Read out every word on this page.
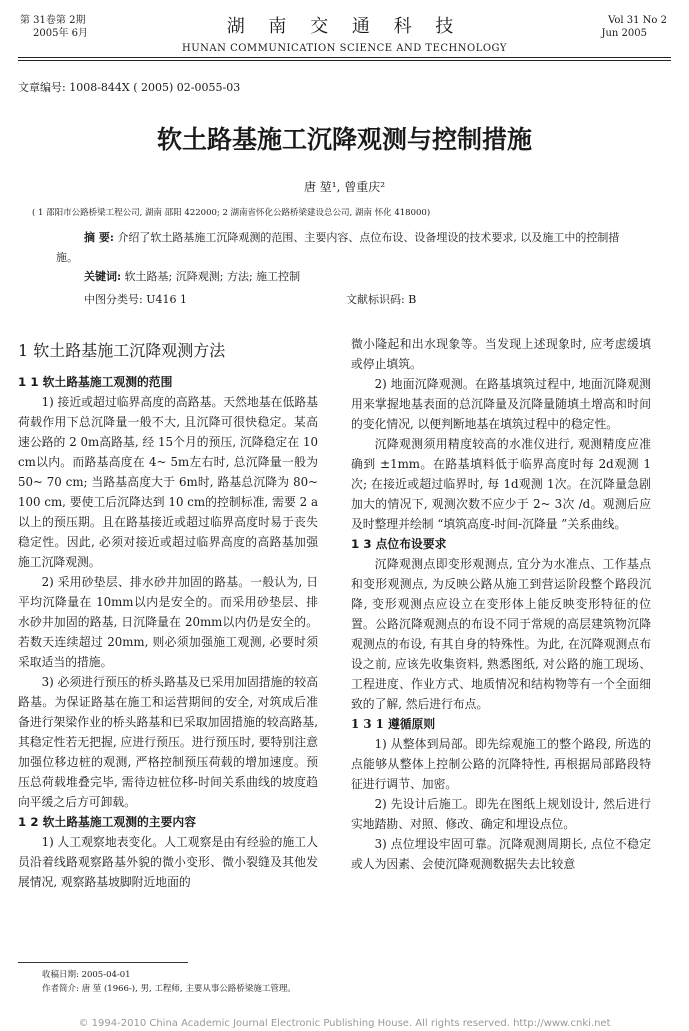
第 31卷第 2期
2005年 6月	湖 南 交 通 科 技
HUNAN COMMUNICATION SCIENCE AND TECHNOLOGY
Vol 31 No 2
Jun 2005
文章编号: 1008-844X ( 2005) 02-0055-03
软土路基施工沉降观测与控制措施
唐 堃¹, 曾重庆²
( 1 邵阳市公路桥梁工程公司, 湖南 邵阳 422000; 2 湖南省怀化公路桥梁建设总公司, 湖南 怀化 418000)
摘 要: 介绍了软土路基施工沉降观测的范围、主要内容、点位布设、设备埋设的技术要求, 以及施工中的控制措施。
关键词: 软土路基; 沉降观测; 方法; 施工控制
中图分类号: U416 1	文献标识码: B
1 软土路基施工沉降观测方法
1 1 软土路基施工观测的范围

1) 接近或超过临界高度的高路基。天然地基在低路基荷载作用下总沉降量一般不大, 且沉降可很快稳定。某高速公路的 2 0m高路基, 经 15个月的预压, 沉降稳定在 10 cm以内。而路基高度在 4~ 5m左右时, 总沉降量一般为 50~ 70 cm; 当路基高度大于 6m时, 路基总沉降为 80~ 100 cm, 要使工后沉降达到 10 cm的控制标准, 需要 2 a以上的预压期。且在路基接近或超过临界高度时易于丧失稳定性。因此, 必须对接近或超过临界高度的高路基加强施工沉降观测。

2) 采用砂垫层、排水砂井加固的路基。一般认为, 日平均沉降量在 10mm以内是安全的。而采用砂垫层、排水砂井加固的路基, 日沉降量在 20mm以内仍是安全的。若数天连续超过 20mm, 则必须加强施工观测, 必要时须采取适当的措施。

3) 必须进行预压的桥头路基及已采用加固措施的较高路基。为保证路基在施工和运营期间的安全, 对筑成后准备进行架梁作业的桥头路基和已采取加固措施的较高路基, 其稳定性若无把握, 应进行预压。进行预压时, 要特别注意加强位移边桩的观测, 严格控制预压荷载的增加速度。预压总荷载堆叠完毕, 需待边桩位移-时间关系曲线的坡度趋向平缓之后方可卸载。

1 2 软土路基施工观测的主要内容

1) 人工观察地表变化。人工观察是由有经验的施工人员沿着线路观察路基外貌的微小变形、微小裂缝及其他发展情况, 观察路基坡脚附近地面的

微小隆起和出水现象等。当发现上述现象时, 应考虑缓填或停止填筑。

2) 地面沉降观测。在路基填筑过程中, 地面沉降观测用来掌握地基表面的总沉降量及沉降量随填土增高和时间的变化情况, 以便判断地基在填筑过程中的稳定性。

沉降观测须用精度较高的水准仪进行, 观测精度应准确到 ±1mm。在路基填料低于临界高度时每 2d观测 1次; 在接近或超过临界时, 每 1d观测 1次。在沉降量急剧加大的情况下, 观测次数不应少于 2~ 3次 /d。观测后应及时整理并绘制 “填筑高度-时间-沉降量 ”关系曲线。

1 3 点位布设要求

沉降观测点即变形观测点, 宜分为水准点、工作基点和变形观测点, 为反映公路从施工到营运阶段整个路段沉降, 变形观测点应设立在变形体上能反映变形特征的位置。公路沉降观测点的布设不同于常规的高层建筑物沉降观测点的布设, 有其自身的特殊性。为此, 在沉降观测点布设之前, 应该先收集资料, 熟悉图纸, 对公路的施工现场、工程进度、作业方式、地质情况和结构物等有一个全面细致的了解, 然后进行布点。

1 3 1 遵循原则

1) 从整体到局部。即先综观施工的整个路段, 所选的点能够从整体上控制公路的沉降特性, 再根据局部路段特征进行调节、加密。

2) 先设计后施工。即先在图纸上规划设计, 然后进行实地踏勘、对照、修改、确定和埋设点位。

3) 点位埋设牢固可靠。沉降观测周期长, 点位不稳定或人为因素、会使沉降观测数据失去比较意

收稿日期: 2005-04-01
作者简介: 唐 堃 (1966-), 男, 工程师, 主要从事公路桥梁施工管理。
© 1994-2010 China Academic Journal Electronic Publishing House. All rights reserved. http://www.cnki.net
